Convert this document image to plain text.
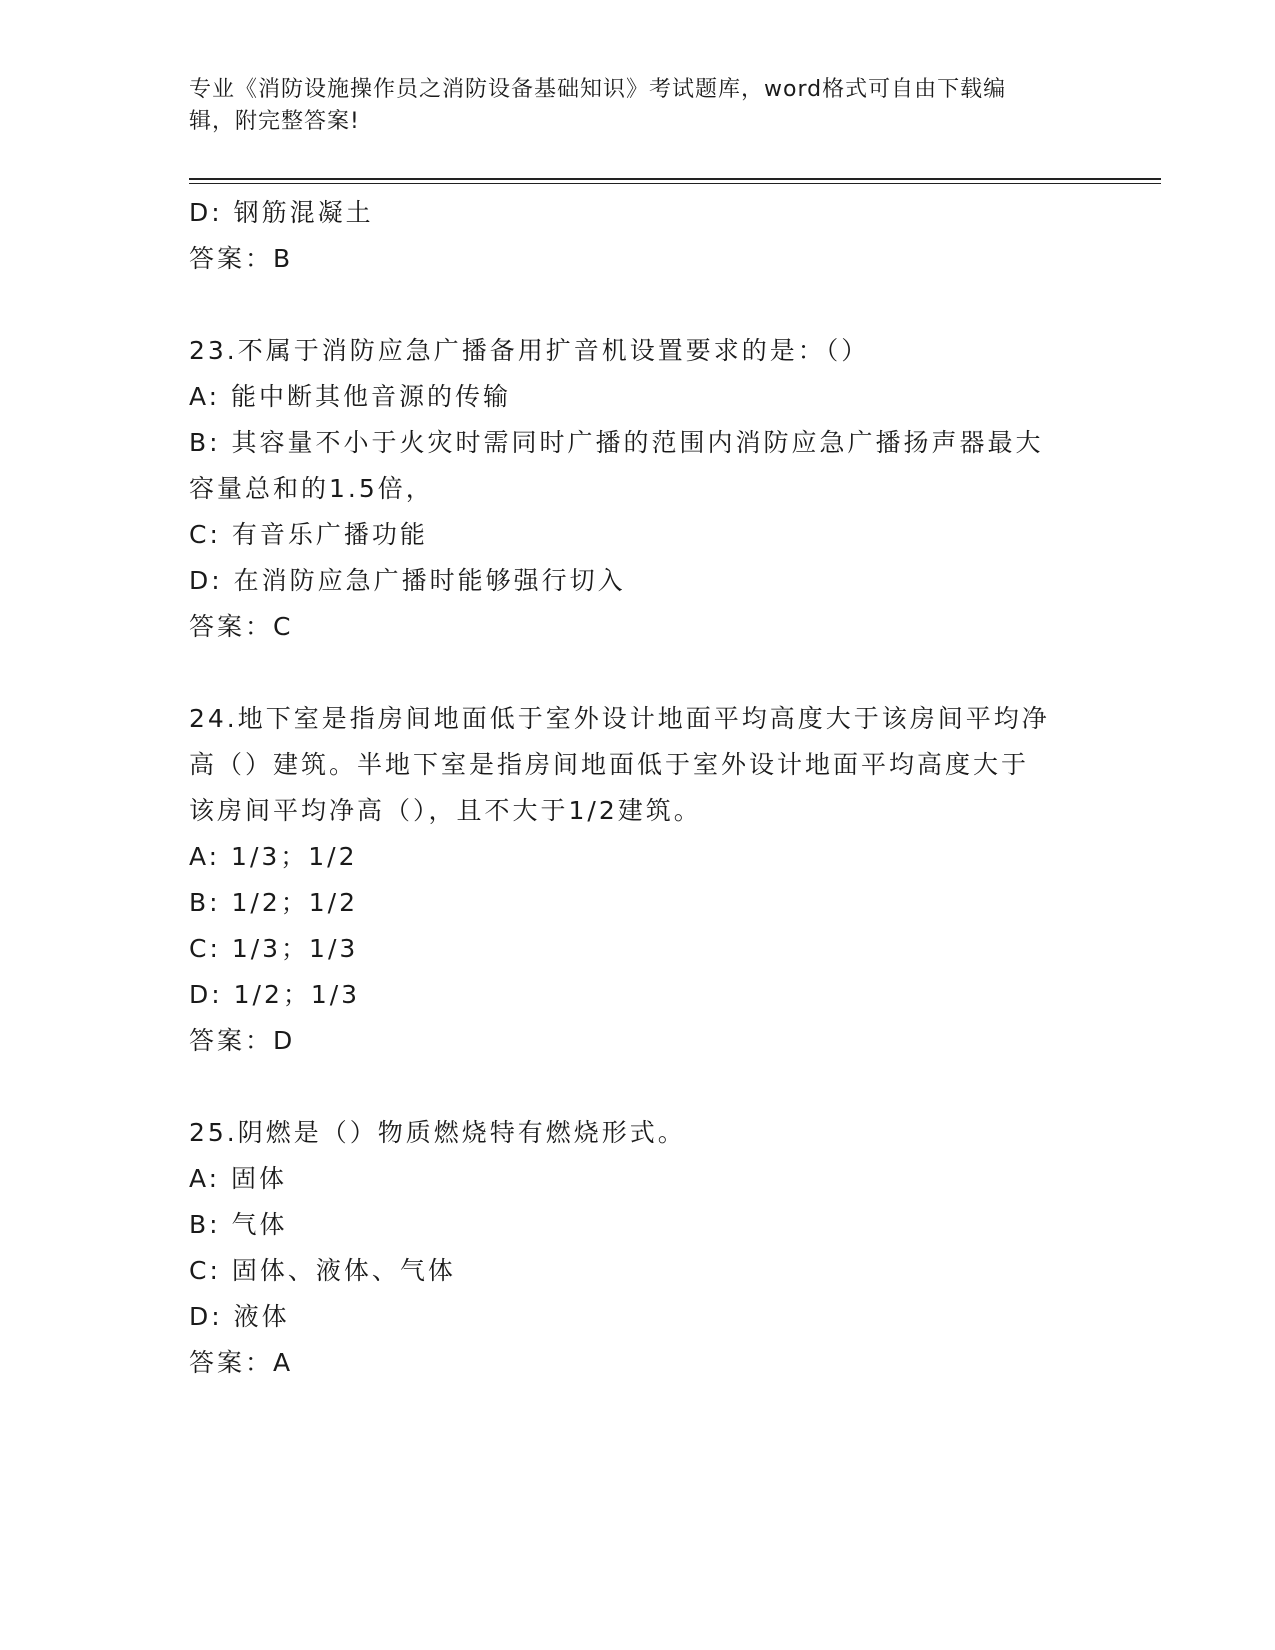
专业《消防设施操作员之消防设备基础知识》考试题库，word格式可自由下载编
辑，附完整答案!
D: 钢筋混凝土
答案：B
23.不属于消防应急广播备用扩音机设置要求的是：（）
A: 能中断其他音源的传输
B: 其容量不小于火灾时需同时广播的范围内消防应急广播扬声器最大
容量总和的1.5倍，
C: 有音乐广播功能
D: 在消防应急广播时能够强行切入
答案：C
24.地下室是指房间地面低于室外设计地面平均高度大于该房间平均净
高（）建筑。半地下室是指房间地面低于室外设计地面平均高度大于
该房间平均净高（），且不大于1/2建筑。
A: 1/3；1/2
B: 1/2；1/2
C: 1/3；1/3
D: 1/2；1/3
答案：D
25.阴燃是（）物质燃烧特有燃烧形式。
A: 固体
B: 气体
C: 固体、液体、气体
D: 液体
答案：A
